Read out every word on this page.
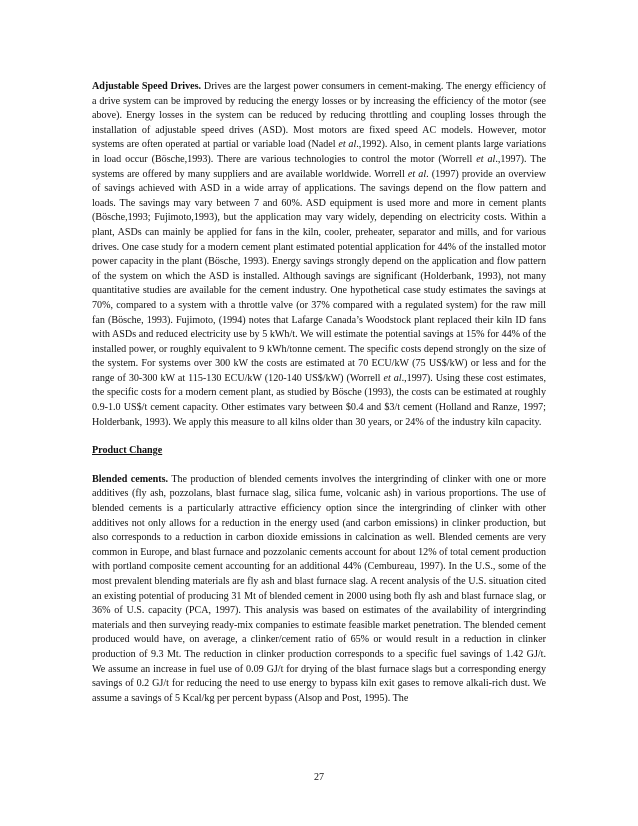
Adjustable Speed Drives. Drives are the largest power consumers in cement-making. The energy efficiency of a drive system can be improved by reducing the energy losses or by increasing the efficiency of the motor (see above). Energy losses in the system can be reduced by reducing throttling and coupling losses through the installation of adjustable speed drives (ASD). Most motors are fixed speed AC models. However, motor systems are often operated at partial or variable load (Nadel et al.,1992). Also, in cement plants large variations in load occur (Bösche,1993). There are various technologies to control the motor (Worrell et al.,1997). The systems are offered by many suppliers and are available worldwide. Worrell et al. (1997) provide an overview of savings achieved with ASD in a wide array of applications. The savings depend on the flow pattern and loads. The savings may vary between 7 and 60%. ASD equipment is used more and more in cement plants (Bösche,1993; Fujimoto,1993), but the application may vary widely, depending on electricity costs. Within a plant, ASDs can mainly be applied for fans in the kiln, cooler, preheater, separator and mills, and for various drives. One case study for a modern cement plant estimated potential application for 44% of the installed motor power capacity in the plant (Bösche, 1993). Energy savings strongly depend on the application and flow pattern of the system on which the ASD is installed. Although savings are significant (Holderbank, 1993), not many quantitative studies are available for the cement industry. One hypothetical case study estimates the savings at 70%, compared to a system with a throttle valve (or 37% compared with a regulated system) for the raw mill fan (Bösche, 1993). Fujimoto, (1994) notes that Lafarge Canada’s Woodstock plant replaced their kiln ID fans with ASDs and reduced electricity use by 5 kWh/t. We will estimate the potential savings at 15% for 44% of the installed power, or roughly equivalent to 9 kWh/tonne cement. The specific costs depend strongly on the size of the system. For systems over 300 kW the costs are estimated at 70 ECU/kW (75 US$/kW) or less and for the range of 30-300 kW at 115-130 ECU/kW (120-140 US$/kW) (Worrell et al.,1997). Using these cost estimates, the specific costs for a modern cement plant, as studied by Bösche (1993), the costs can be estimated at roughly 0.9-1.0 US$/t cement capacity. Other estimates vary between $0.4 and $3/t cement (Holland and Ranze, 1997; Holderbank, 1993). We apply this measure to all kilns older than 30 years, or 24% of the industry kiln capacity.

Product Change

Blended cements. The production of blended cements involves the intergrinding of clinker with one or more additives (fly ash, pozzolans, blast furnace slag, silica fume, volcanic ash) in various proportions. The use of blended cements is a particularly attractive efficiency option since the intergrinding of clinker with other additives not only allows for a reduction in the energy used (and carbon emissions) in clinker production, but also corresponds to a reduction in carbon dioxide emissions in calcination as well. Blended cements are very common in Europe, and blast furnace and pozzolanic cements account for about 12% of total cement production with portland composite cement accounting for an additional 44% (Cembureau, 1997). In the U.S., some of the most prevalent blending materials are fly ash and blast furnace slag. A recent analysis of the U.S. situation cited an existing potential of producing 31 Mt of blended cement in 2000 using both fly ash and blast furnace slag, or 36% of U.S. capacity (PCA, 1997). This analysis was based on estimates of the availability of intergrinding materials and then surveying ready-mix companies to estimate feasible market penetration. The blended cement produced would have, on average, a clinker/cement ratio of 65% or would result in a reduction in clinker production of 9.3 Mt. The reduction in clinker production corresponds to a specific fuel savings of 1.42 GJ/t. We assume an increase in fuel use of 0.09 GJ/t for drying of the blast furnace slags but a corresponding energy savings of 0.2 GJ/t for reducing the need to use energy to bypass kiln exit gases to remove alkali-rich dust. We assume a savings of 5 Kcal/kg per percent bypass (Alsop and Post, 1995). The

27
